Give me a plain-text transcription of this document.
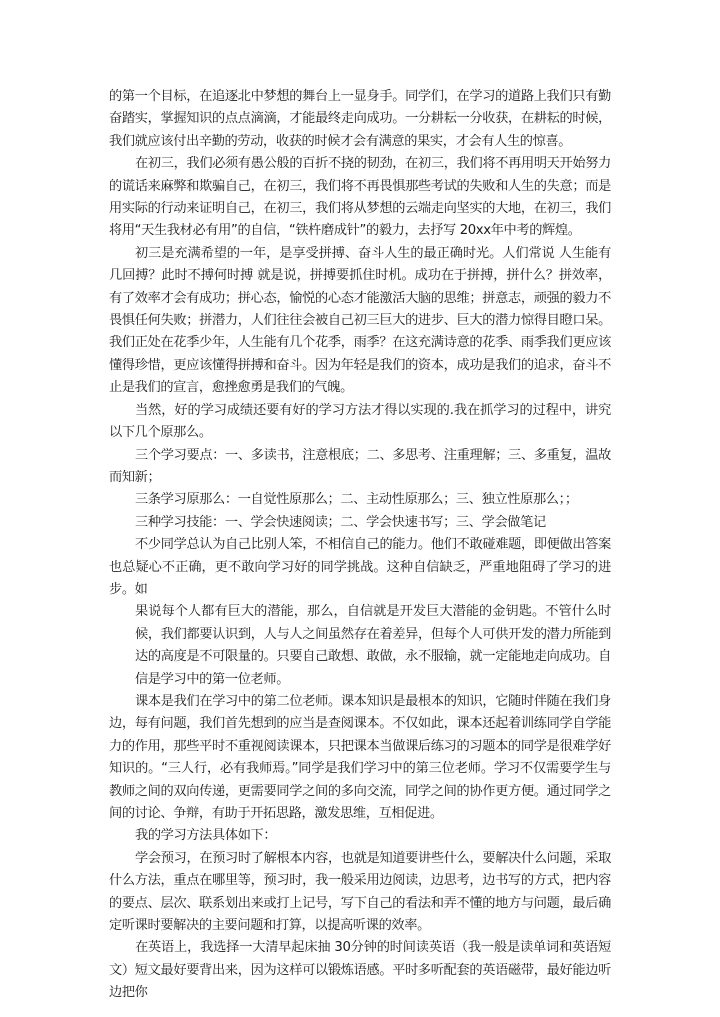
的第一个目标，在追逐北中梦想的舞台上一显身手。同学们，在学习的道路上我们只有勤奋踏实，掌握知识的点点滴滴，才能最终走向成功。一分耕耘一分收获，在耕耘的时候，我们就应该付出辛勤的劳动，收获的时候才会有满意的果实，才会有人生的惊喜。

在初三，我们必须有愚公般的百折不挠的韧劲，在初三，我们将不再用明天开始努力的谎话来麻弊和欺骗自己，在初三，我们将不再畏惧那些考试的失败和人生的失意；而是用实际的行动来证明自己，在初三，我们将从梦想的云端走向坚实的大地，在初三，我们将用“天生我材必有用”的自信，“铁杵磨成针”的毅力，去抒写 20xx年中考的辉煌。

初三是充满希望的一年，是享受拼搏、奋斗人生的最正确时光。人们常说 人生能有几回搏？此时不搏何时搏 就是说，拼搏要抓住时机。成功在于拼搏，拼什么？拼效率，有了效率才会有成功；拼心态，愉悦的心态才能激活大脑的思维；拼意志，顽强的毅力不畏惧任何失败；拼潜力，人们往往会被自己初三巨大的进步、巨大的潜力惊得目瞪口呆。我们正处在花季少年，人生能有几个花季，雨季？在这充满诗意的花季、雨季我们更应该懂得珍惜，更应该懂得拼搏和奋斗。因为年轻是我们的资本，成功是我们的追求，奋斗不止是我们的宣言，愈挫愈勇是我们的气魄。

当然，好的学习成绩还要有好的学习方法才得以实现的.我在抓学习的过程中，讲究以下几个原那么。

三个学习要点：一、多读书，注意根底；二、多思考、注重理解；三、多重复，温故而知新；

三条学习原那么：一自觉性原那么；二、主动性原那么；三、独立性原那么；；

三种学习技能：一、学会快速阅读；二、学会快速书写；三、学会做笔记

不少同学总认为自己比别人笨，不相信自己的能力。他们不敢碰难题，即便做出答案也总疑心不正确，更不敢向学习好的同学挑战。这种自信缺乏，严重地阻碍了学习的进步。如

果说每个人都有巨大的潜能，那么，自信就是开发巨大潜能的金钥匙。不管什么时候，我们都要认识到，人与人之间虽然存在着差异，但每个人可供开发的潜力所能到达的高度是不可限量的。只要自己敢想、敢做，永不服输，就一定能地走向成功。自信是学习中的第一位老师。

课本是我们在学习中的第二位老师。课本知识是最根本的知识，它随时伴随在我们身边，每有问题，我们首先想到的应当是查阅课本。不仅如此，课本还起着训练同学自学能力的作用，那些平时不重视阅读课本，只把课本当做课后练习的习题本的同学是很难学好知识的。“三人行，必有我师焉。”同学是我们学习中的第三位老师。学习不仅需要学生与教师之间的双向传递，更需要同学之间的多向交流，同学之间的协作更方便。通过同学之间的讨论、争辩，有助于开拓思路，激发思维，互相促进。

我的学习方法具体如下：

学会预习，在预习时了解根本内容，也就是知道要讲些什么，要解决什么问题，采取什么方法，重点在哪里等，预习时，我一般采用边阅读，边思考，边书写的方式，把内容的要点、层次、联系划出来或打上记号，写下自己的看法和弄不懂的地方与问题，最后确定听课时要解决的主要问题和打算，以提高听课的效率。

在英语上，我选择一大清早起床抽 30分钟的时间读英语（我一般是读单词和英语短文）短文最好要背出来，因为这样可以锻炼语感。平时多听配套的英语磁带，最好能边听边把你
